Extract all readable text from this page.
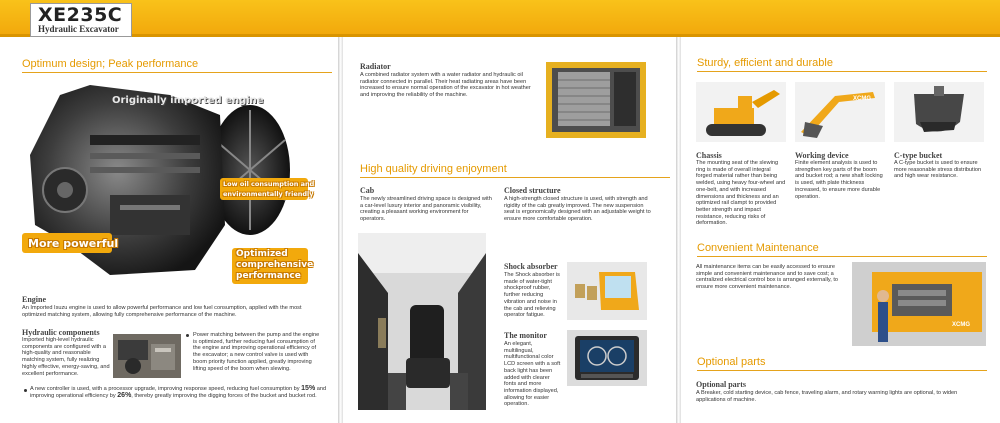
XE235C
Hydraulic Excavator
Optimum design; Peak performance
Originally imported engine
More powerful
Low oil consumption and
environmentally friendly
Optimized
comprehensive
performance
Engine
An Imported Isuzu engine is used to allow powerful performance and low fuel consumption, applied with the most optimized matching system, allowing fully comprehensive performance of the machine.
Hydraulic components
Imported high-level hydraulic components are configured with a high-quality and reasonable matching system, fully realizing highly effective, energy-saving, and excellent performance.
Power matching between the pump and the engine is optimized, further reducing fuel consumption of the engine and improving operational efficiency of the excavator; a new control valve is used with boom priority function applied, greatly improving lifting speed of the boom when slewing.
A new controller is used, with a processor upgrade, improving response speed, reducing fuel consumption by 15% and improving operational efficiency by 26%, thereby greatly improving the digging forces of the bucket and bucket rod.
Radiator
A combined radiator system with a water radiator and hydraulic oil radiator connected in parallel. Their heat radiating areas have been increased to ensure normal operation of the excavator in hot weather and improving the reliability of the machine.
High quality driving enjoyment
Cab
The newly streamlined driving space is designed with a car-level luxury interior and panoramic visibility, creating a pleasant working environment for operators.
Closed structure
A high-strength closed structure is used, with strength and rigidity of the cab greatly improved. The new suspension seat is ergonomically designed with an adjustable weight to ensure more comfortable operation.
Shock absorber
The Shock absorber is made of water-tight shockproof rubber, further reducing vibration and noise in the cab and relieving operator fatigue.
The monitor
An elegant, multilingual, multifunctional color LCD screen with a soft back light has been added with clearer fonts and more information displayed, allowing for easier operation.
Sturdy, efficient and durable
XCMG
Chassis
The mounting seat of the slewing ring is made of overall integral forged material rather than being welded, using heavy four-wheel and one-belt, and with increased dimensions and thickness and an optimized rail clampt to provided better strength and impact resistance, reducing risks of deformation.
Working device
Finite element analysis is used to strengthen key parts of the boom and bucket rod; a new shaft locking is used, with plate thickness increased, to ensure more durable operation.
C-type bucket
A C-type bucket is used to ensure more reasonable stress distribution and high wear resistance.
Convenient Maintenance
All maintenance items can be easily accessed to ensure simple and convenient maintenance and to save cost; a centralized electrical control box is arranged externally, to ensure more convenient maintenance.
XCMG
Optional parts
Optional parts
A Breaker, cold starting device, cab fence, traveling alarm, and rotary warning lights are optional, to widen applications of machine.
